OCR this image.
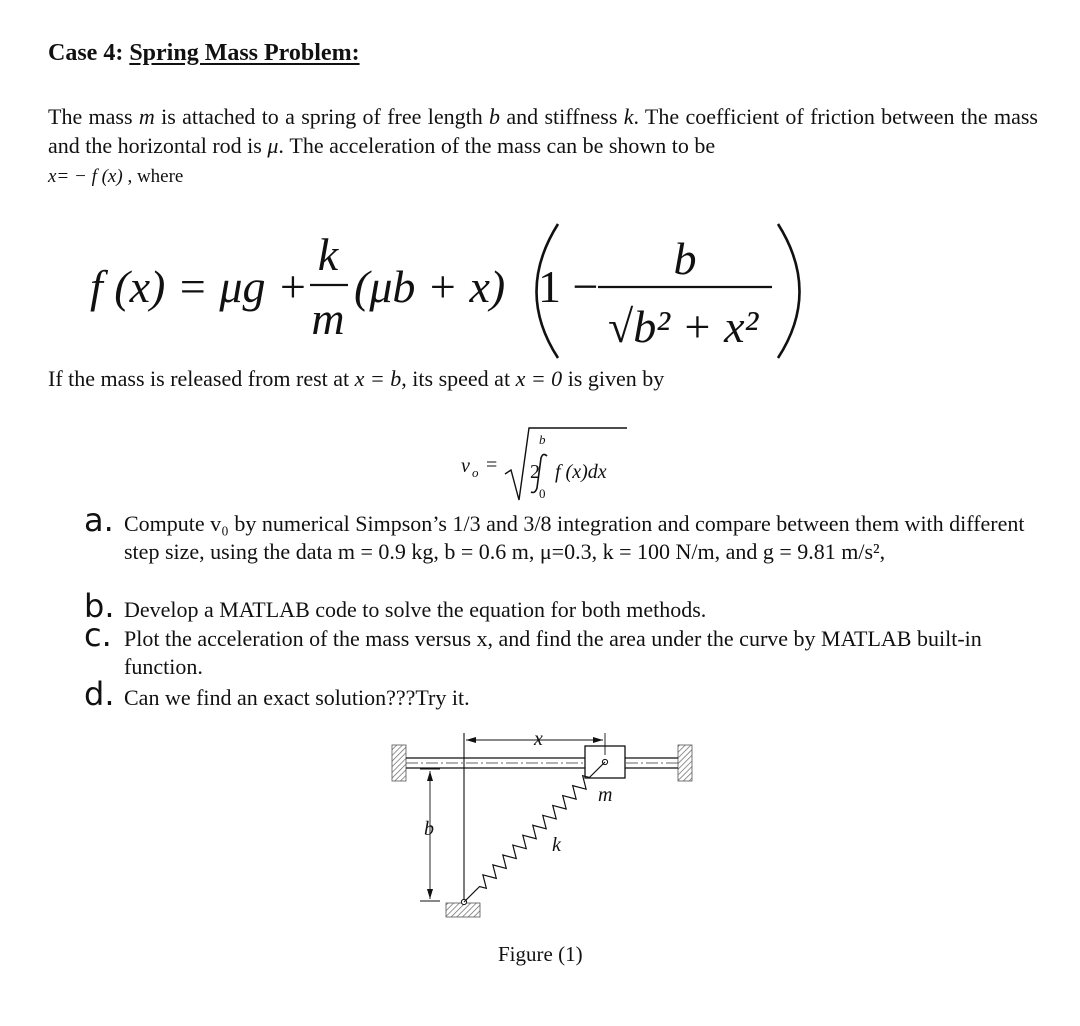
Case 4: Spring Mass Problem:
The mass m is attached to a spring of free length b and stiffness k. The coefficient of friction between the mass and the horizontal rod is μ. The acceleration of the mass can be shown to be
x= − f (x) , where
f (x) = μg +
k
m
(μb + x) 1 −
b
√b² + x²
If the mass is released from rest at x = b, its speed at x = 0 is given by
v o = 2
b
0
f (x)dx
a. Compute v₀ by numerical Simpson’s 1/3 and 3/8 integration and compare between them with different step size, using the data m = 0.9 kg, b = 0.6 m, μ=0.3, k = 100 N/m, and g = 9.81 m/s²,
b. Develop a MATLAB code to solve the equation for both methods.
c. Plot the acceleration of the mass versus x, and find the area under the curve by MATLAB built-in function.
d. Can we find an exact solution???Try it.
x
b
m
k
Figure (1)
